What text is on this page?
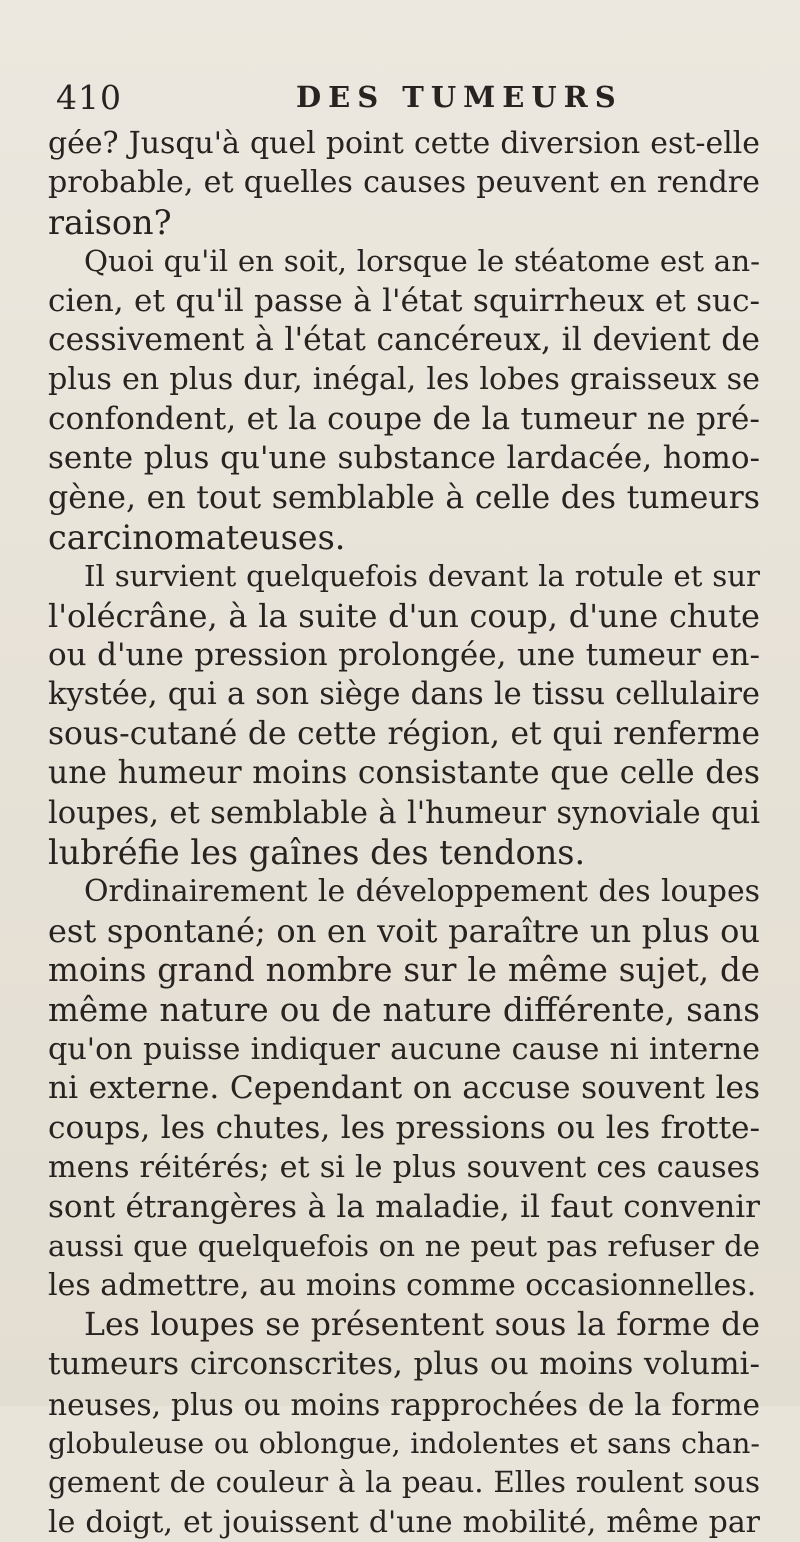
410	DES TUMEURS
gée? Jusqu'à quel point cette diversion est-elle
probable, et quelles causes peuvent en rendre
raison?
Quoi qu'il en soit, lorsque le stéatome est an-
cien, et qu'il passe à l'état squirrheux et suc-
cessivement à l'état cancéreux, il devient de
plus en plus dur, inégal, les lobes graisseux se
confondent, et la coupe de la tumeur ne pré-
sente plus qu'une substance lardacée, homo-
gène, en tout semblable à celle des tumeurs
carcinomateuses.
Il survient quelquefois devant la rotule et sur
l'olécrâne, à la suite d'un coup, d'une chute
ou d'une pression prolongée, une tumeur en-
kystée, qui a son siège dans le tissu cellulaire
sous-cutané de cette région, et qui renferme
une humeur moins consistante que celle des
loupes, et semblable à l'humeur synoviale qui
lubréfie les gaînes des tendons.
Ordinairement le développement des loupes
est spontané; on en voit paraître un plus ou
moins grand nombre sur le même sujet, de
même nature ou de nature différente, sans
qu'on puisse indiquer aucune cause ni interne
ni externe. Cependant on accuse souvent les
coups, les chutes, les pressions ou les frotte-
mens réitérés; et si le plus souvent ces causes
sont étrangères à la maladie, il faut convenir
aussi que quelquefois on ne peut pas refuser de
les admettre, au moins comme occasionnelles.
Les loupes se présentent sous la forme de
tumeurs circonscrites, plus ou moins volumi-
neuses, plus ou moins rapprochées de la forme
globuleuse ou oblongue, indolentes et sans chan-
gement de couleur à la peau. Elles roulent sous
le doigt, et jouissent d'une mobilité, même par
